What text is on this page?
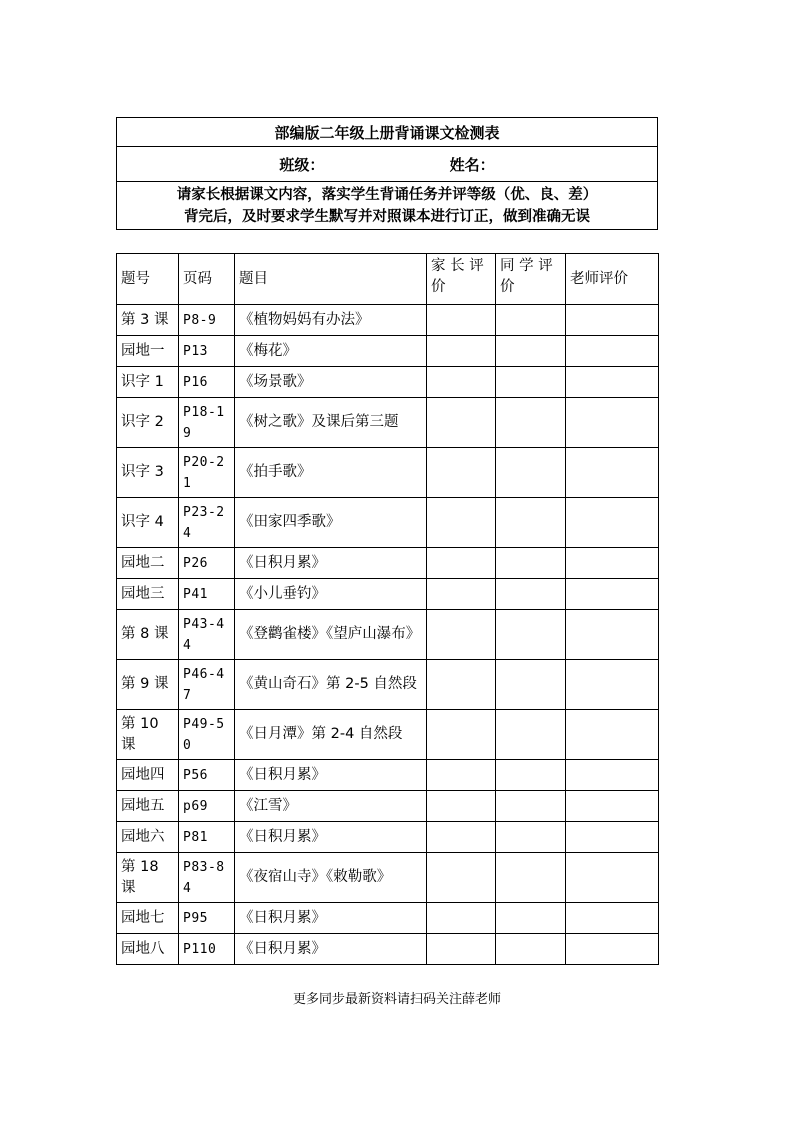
部编版二年级上册背诵课文检测表
班级：	姓名：

请家长根据课文内容，落实学生背诵任务并评等级（优、良、差）
背完后，及时要求学生默写并对照课本进行订正，做到准确无误
题号	页码	题目	家 长 评 价	同 学 评 价	老师评价
第 3 课	P8-9	《植物妈妈有办法》			
园地一	P13	《梅花》			
识字 1	P16	《场景歌》			
识字 2	P18-19	《树之歌》及课后第三题			
识字 3	P20-21	《拍手歌》			
识字 4	P23-24	《田家四季歌》			
园地二	P26	《日积月累》			
园地三	P41	《小儿垂钓》			
第 8 课	P43-44	《登鹳雀楼》《望庐山瀑布》			
第 9 课	P46-47	《黄山奇石》第 2-5 自然段			
第 10 课	P49-50	《日月潭》第 2-4 自然段			
园地四	P56	《日积月累》			
园地五	p69	《江雪》			
园地六	P81	《日积月累》			
第 18 课	P83-84	《夜宿山寺》《敕勒歌》			
园地七	P95	《日积月累》			
园地八	P110	《日积月累》			
更多同步最新资料请扫码关注薛老师
